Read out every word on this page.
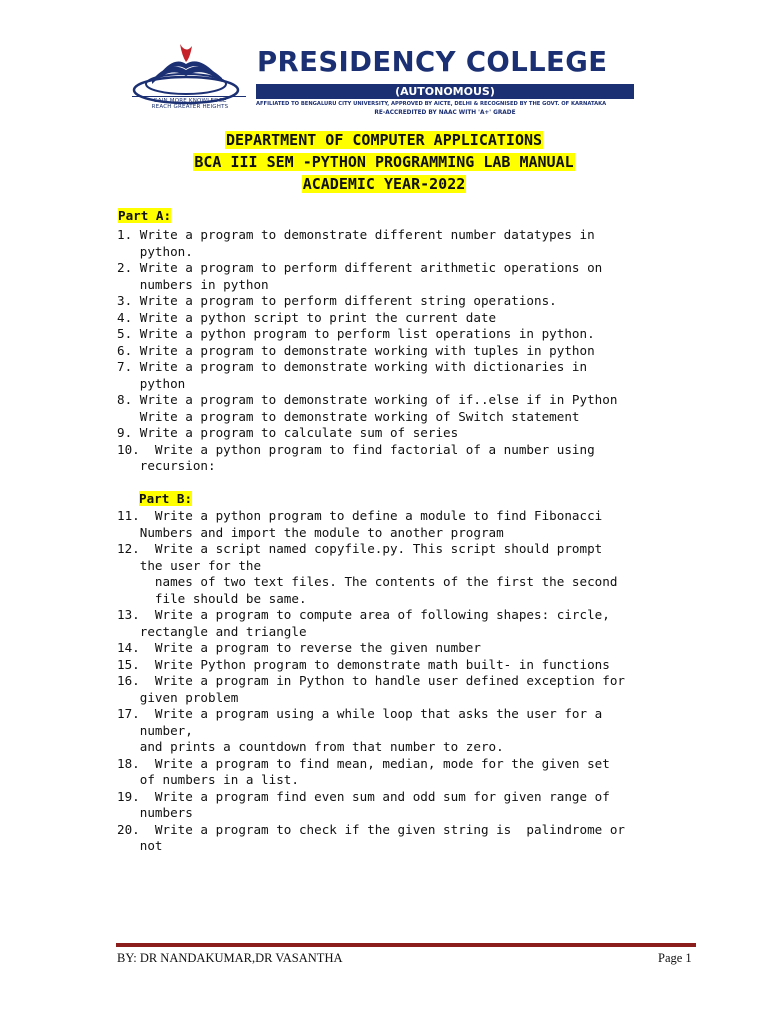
GAIN MORE KNOWLEDGE
REACH GREATER HEIGHTS
PRESIDENCY COLLEGE
(AUTONOMOUS)
AFFILIATED TO BENGALURU CITY UNIVERSITY, APPROVED BY AICTE, DELHI & RECOGNISED BY THE GOVT. OF KARNATAKA
RE-ACCREDITED BY NAAC WITH 'A+' GRADE
DEPARTMENT OF COMPUTER APPLICATIONS
BCA III SEM -PYTHON PROGRAMMING LAB MANUAL
ACADEMIC YEAR-2022
Part A:
1. Write a program to demonstrate different number datatypes in
python.
2. Write a program to perform different arithmetic operations on
numbers in python
3. Write a program to perform different string operations.
4. Write a python script to print the current date
5. Write a python program to perform list operations in python.
6. Write a program to demonstrate working with tuples in python
7. Write a program to demonstrate working with dictionaries in
python
8. Write a program to demonstrate working of if..else if in Python
Write a program to demonstrate working of Switch statement
9. Write a program to calculate sum of series
10.  Write a python program to find factorial of a number using
recursion:
Part B:
11.  Write a python program to define a module to find Fibonacci
Numbers and import the module to another program
12.  Write a script named copyfile.py. This script should prompt
the user for the
names of two text files. The contents of the first the second
file should be same.
13.  Write a program to compute area of following shapes: circle,
rectangle and triangle
14.  Write a program to reverse the given number
15.  Write Python program to demonstrate math built- in functions
16.  Write a program in Python to handle user defined exception for
given problem
17.  Write a program using a while loop that asks the user for a
number,
and prints a countdown from that number to zero.
18.  Write a program to find mean, median, mode for the given set
of numbers in a list.
19.  Write a program find even sum and odd sum for given range of
numbers
20.  Write a program to check if the given string is  palindrome or
not
BY: DR NANDAKUMAR,DR VASANTHA	Page 1
